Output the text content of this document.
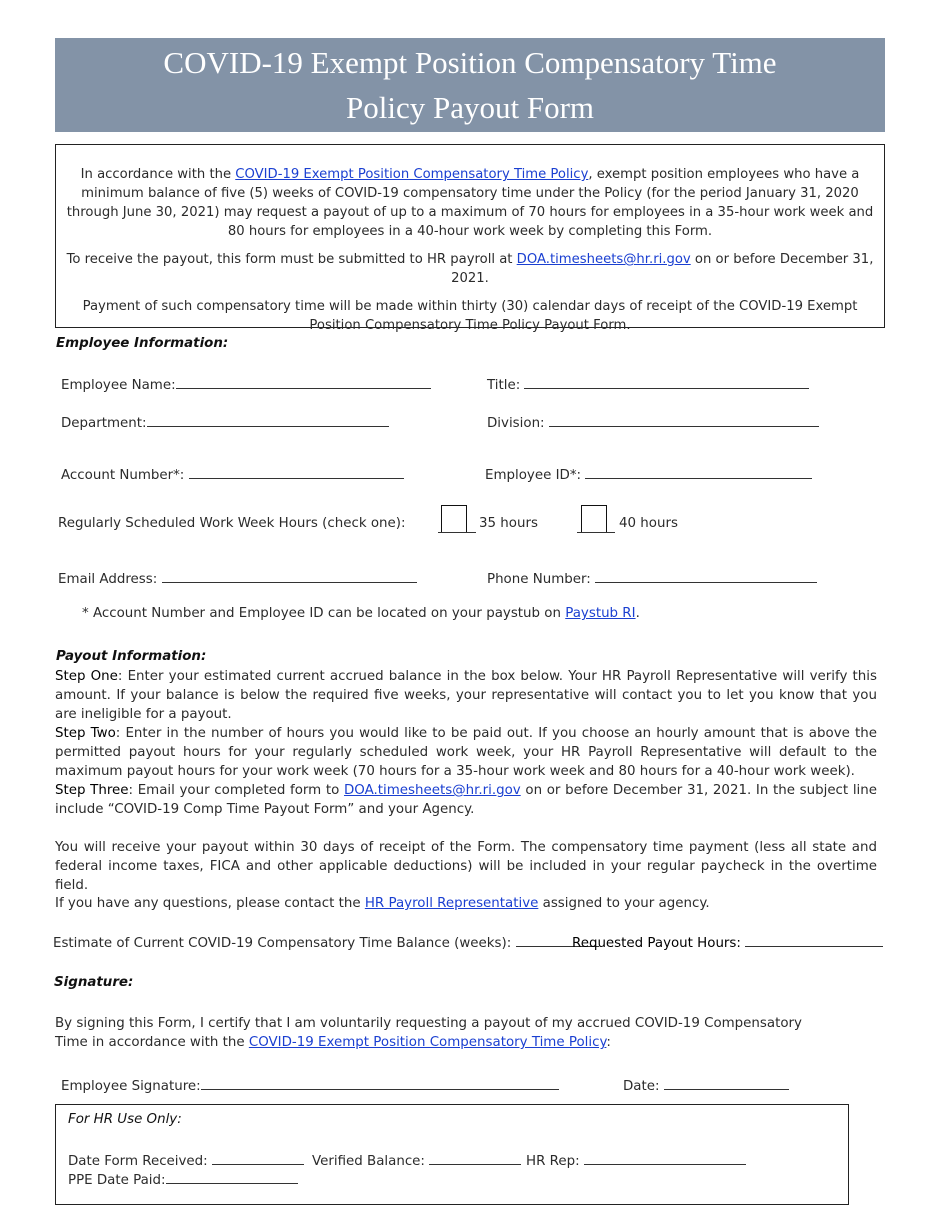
COVID-19 Exempt Position Compensatory Time
Policy Payout Form

In accordance with the COVID-19 Exempt Position Compensatory Time Policy, exempt position employees who have a minimum balance of five (5) weeks of COVID-19 compensatory time under the Policy (for the period January 31, 2020 through June 30, 2021) may request a payout of up to a maximum of 70 hours for employees in a 35-hour work week and 80 hours for employees in a 40-hour work week by completing this Form.

To receive the payout, this form must be submitted to HR payroll at DOA.timesheets@hr.ri.gov on or before December 31, 2021.

Payment of such compensatory time will be made within thirty (30) calendar days of receipt of the COVID-19 Exempt Position Compensatory Time Policy Payout Form.

Employee Information:
Employee Name:	Title:
Department:	Division:
Account Number*:	Employee ID*:
Regularly Scheduled Work Week Hours (check one):	35 hours	40 hours
Email Address:	Phone Number:
* Account Number and Employee ID can be located on your paystub on Paystub RI.
Payout Information:
Step One: Enter your estimated current accrued balance in the box below. Your HR Payroll Representative will verify this amount. If your balance is below the required five weeks, your representative will contact you to let you know that you are ineligible for a payout.
Step Two: Enter in the number of hours you would like to be paid out. If you choose an hourly amount that is above the permitted payout hours for your regularly scheduled work week, your HR Payroll Representative will default to the maximum payout hours for your work week (70 hours for a 35-hour work week and 80 hours for a 40-hour work week).
Step Three: Email your completed form to DOA.timesheets@hr.ri.gov on or before December 31, 2021. In the subject line include “COVID-19 Comp Time Payout Form” and your Agency.
You will receive your payout within 30 days of receipt of the Form. The compensatory time payment (less all state and federal income taxes, FICA and other applicable deductions) will be included in your regular paycheck in the overtime field.
If you have any questions, please contact the HR Payroll Representative assigned to your agency.
Estimate of Current COVID-19 Compensatory Time Balance (weeks):	Requested Payout Hours:
Signature:
By signing this Form, I certify that I am voluntarily requesting a payout of my accrued COVID-19 Compensatory Time in accordance with the COVID-19 Exempt Position Compensatory Time Policy:
Employee Signature:	Date:
For HR Use Only:
Date Form Received:	Verified Balance:	HR Rep:
PPE Date Paid:
